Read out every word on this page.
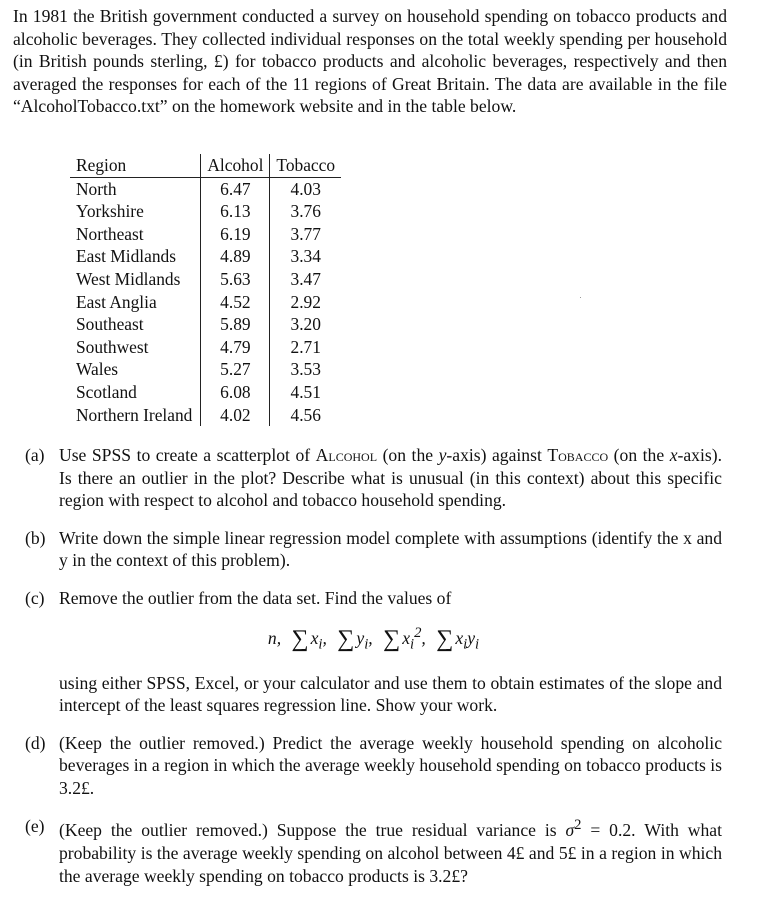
In 1981 the British government conducted a survey on household spending on tobacco products and alcoholic beverages. They collected individual responses on the total weekly spending per household (in British pounds sterling, £) for tobacco products and alcoholic beverages, respectively and then averaged the responses for each of the 11 regions of Great Britain. The data are available in the file “AlcoholTobacco.txt” on the homework website and in the table below.

Region	Alcohol	Tobacco
North	6.47	4.03
Yorkshire	6.13	3.76
Northeast	6.19	3.77
East Midlands	4.89	3.34
West Midlands	5.63	3.47
East Anglia	4.52	2.92
Southeast	5.89	3.20
Southwest	4.79	2.71
Wales	5.27	3.53
Scotland	6.08	4.51
Northern Ireland	4.02	4.56
(a) Use SPSS to create a scatterplot of Alcohol (on the y-axis) against Tobacco (on the x-axis). Is there an outlier in the plot? Describe what is unusual (in this context) about this specific region with respect to alcohol and tobacco household spending.
(b) Write down the simple linear regression model complete with assumptions (identify the x and y in the context of this problem).
(c) Remove the outlier from the data set. Find the values of
n, ∑ $x_i$, ∑ $y_i$, ∑ $x_i^2$, ∑ $x_iy_i$
using either SPSS, Excel, or your calculator and use them to obtain estimates of the slope and intercept of the least squares regression line. Show your work.
(d) (Keep the outlier removed.) Predict the average weekly household spending on alcoholic beverages in a region in which the average weekly household spending on tobacco products is 3.2£.
(e) (Keep the outlier removed.) Suppose the true residual variance is $\sigma^2 = 0.2$. With what probability is the average weekly spending on alcohol between 4£ and 5£ in a region in which the average weekly spending on tobacco products is 3.2£?
